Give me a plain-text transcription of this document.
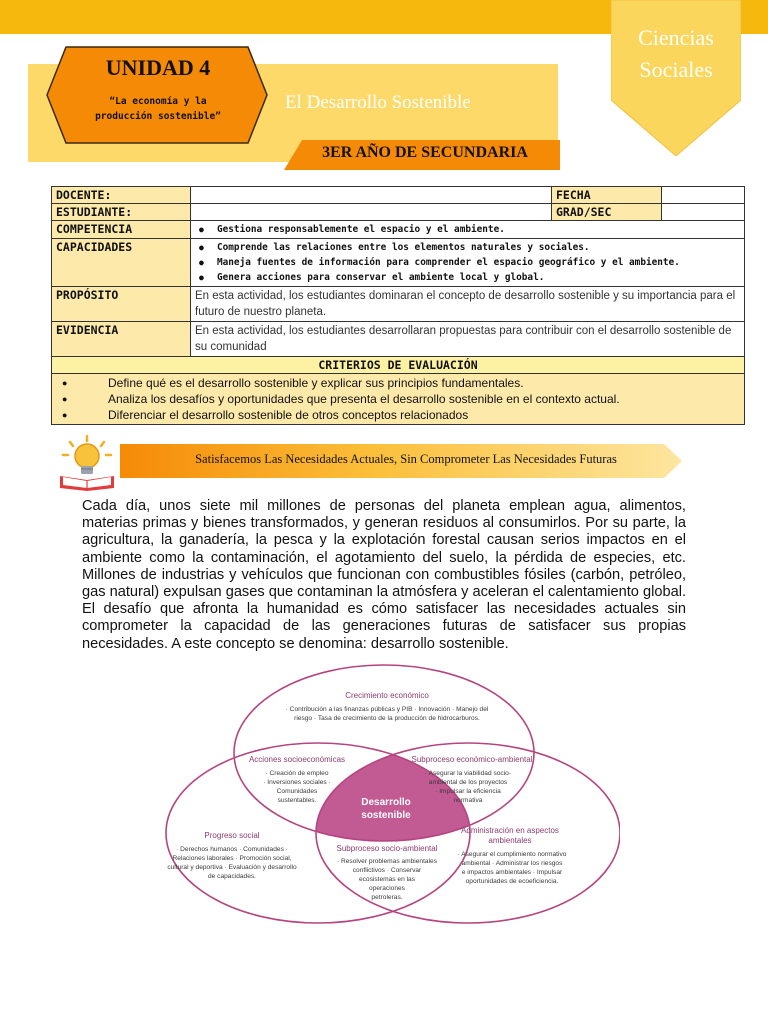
Ciencias
Sociales
UNIDAD 4
“La economía y la producción sostenible”
El Desarrollo Sostenible
3ER AÑO DE SECUNDARIA
DOCENTE:		FECHA	
ESTUDIANTE:		GRAD/SEC	
COMPETENCIA	● Gestiona responsablemente el espacio y el ambiente.

CAPACIDADES	● Comprende las relaciones entre los elementos naturales y sociales.
● Maneja fuentes de información para comprender el espacio geográfico y el ambiente.
● Genera acciones para conservar el ambiente local y global.

PROPÓSITO	En esta actividad, los estudiantes dominaran el concepto de desarrollo sostenible y su importancia para el futuro de nuestro planeta.		
EVIDENCIA	En esta actividad, los estudiantes desarrollaran propuestas para contribuir con el desarrollo sostenible de su comunidad		
CRITERIOS DE EVALUACIÓN			

● Define qué es el desarrollo sostenible y explicar sus principios fundamentales.
● Analiza los desafíos y oportunidades que presenta el desarrollo sostenible en el contexto actual.
● Diferenciar el desarrollo sostenible de otros conceptos relacionados
Satisfacemos Las Necesidades Actuales, Sin Comprometer Las Necesidades Futuras
Cada día, unos siete mil millones de personas del planeta emplean agua, alimentos, materias primas y bienes transformados, y generan residuos al consumirlos. Por su parte, la agricultura, la ganadería, la pesca y la explotación forestal causan serios impactos en el ambiente como la contaminación, el agotamiento del suelo, la pérdida de especies, etc. Millones de industrias y vehículos que funcionan con combustibles fósiles (carbón, petróleo, gas natural) expulsan gases que contaminan la atmósfera y aceleran el calentamiento global. El desafío que afronta la humanidad es cómo satisfacer las necesidades actuales sin comprometer la capacidad de las generaciones futuras de satisfacer sus propias necesidades. A este concepto se denomina: desarrollo sostenible.
Crecimiento económico
· Contribución a las finanzas públicas y PIB · Innovación · Manejo del
riesgo · Tasa de crecimiento de la producción de hidrocarburos.
Acciones socioeconómicas
· Creación de empleo
· Inversiones sociales ·
Comunidades
sustentables.
Subproceso económico-ambiental
· Asegurar la viabilidad socio-
ambiental de los proyectos
· Impulsar la eficiencia
normativa
Desarrollo
sostenible
Progreso social
· Derechos humanos · Comunidades ·
Relaciones laborales · Promoción social,
cultural y deportiva · Evaluación y desarrollo
de capacidades.
Subproceso socio-ambiental
· Resolver problemas ambientales
conflictivos · Conservar
ecosistemas en las
operaciones
petroleras.
Administración en aspectos
ambientales
· Asegurar el cumplimiento normativo
ambiental · Administrar los riesgos
e impactos ambientales · Impulsar
oportunidades de ecoeficiencia.
